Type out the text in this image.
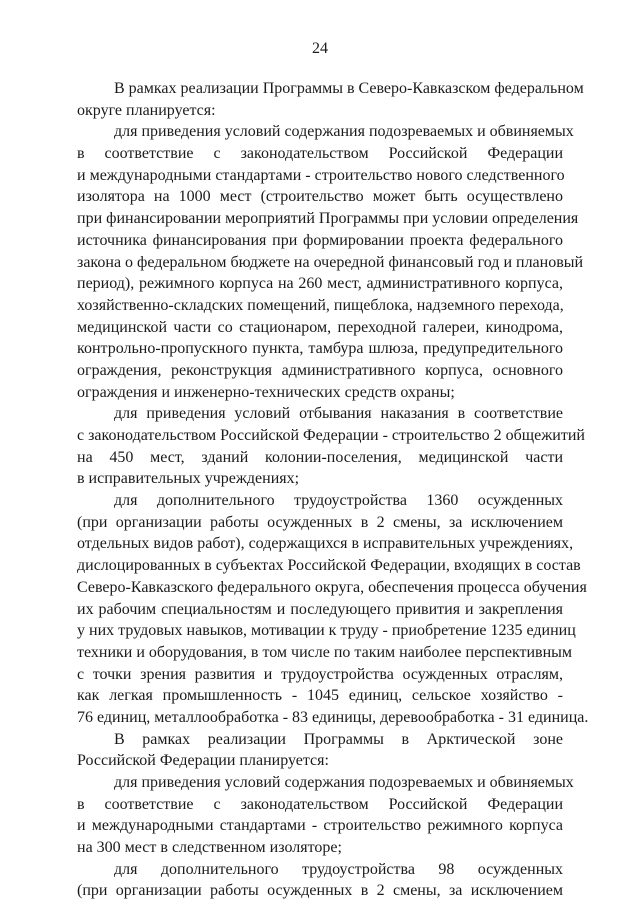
24
В рамках реализации Программы в Северо-Кавказском федеральном
округе планируется:
для приведения условий содержания подозреваемых и обвиняемых
в соответствие с законодательством Российской Федерации
и международными стандартами - строительство нового следственного
изолятора на 1000 мест (строительство может быть осуществлено
при финансировании мероприятий Программы при условии определения
источника финансирования при формировании проекта федерального
закона о федеральном бюджете на очередной финансовый год и плановый
период), режимного корпуса на 260 мест, административного корпуса,
хозяйственно-складских помещений, пищеблока, надземного перехода,
медицинской части со стационаром, переходной галереи, кинодрома,
контрольно-пропускного пункта, тамбура шлюза, предупредительного
ограждения, реконструкция административного корпуса, основного
ограждения и инженерно-технических средств охраны;
для приведения условий отбывания наказания в соответствие
с законодательством Российской Федерации - строительство 2 общежитий
на 450 мест, зданий колонии-поселения, медицинской части
в исправительных учреждениях;
для дополнительного трудоустройства 1360 осужденных
(при организации работы осужденных в 2 смены, за исключением
отдельных видов работ), содержащихся в исправительных учреждениях,
дислоцированных в субъектах Российской Федерации, входящих в состав
Северо-Кавказского федерального округа, обеспечения процесса обучения
их рабочим специальностям и последующего привития и закрепления
у них трудовых навыков, мотивации к труду - приобретение 1235 единиц
техники и оборудования, в том числе по таким наиболее перспективным
с точки зрения развития и трудоустройства осужденных отраслям,
как легкая промышленность - 1045 единиц, сельское хозяйство -
76 единиц, металлообработка - 83 единицы, деревообработка - 31 единица.
В рамках реализации Программы в Арктической зоне
Российской Федерации планируется:
для приведения условий содержания подозреваемых и обвиняемых
в соответствие с законодательством Российской Федерации
и международными стандартами - строительство режимного корпуса
на 300 мест в следственном изоляторе;
для дополнительного трудоустройства 98 осужденных
(при организации работы осужденных в 2 смены, за исключением
